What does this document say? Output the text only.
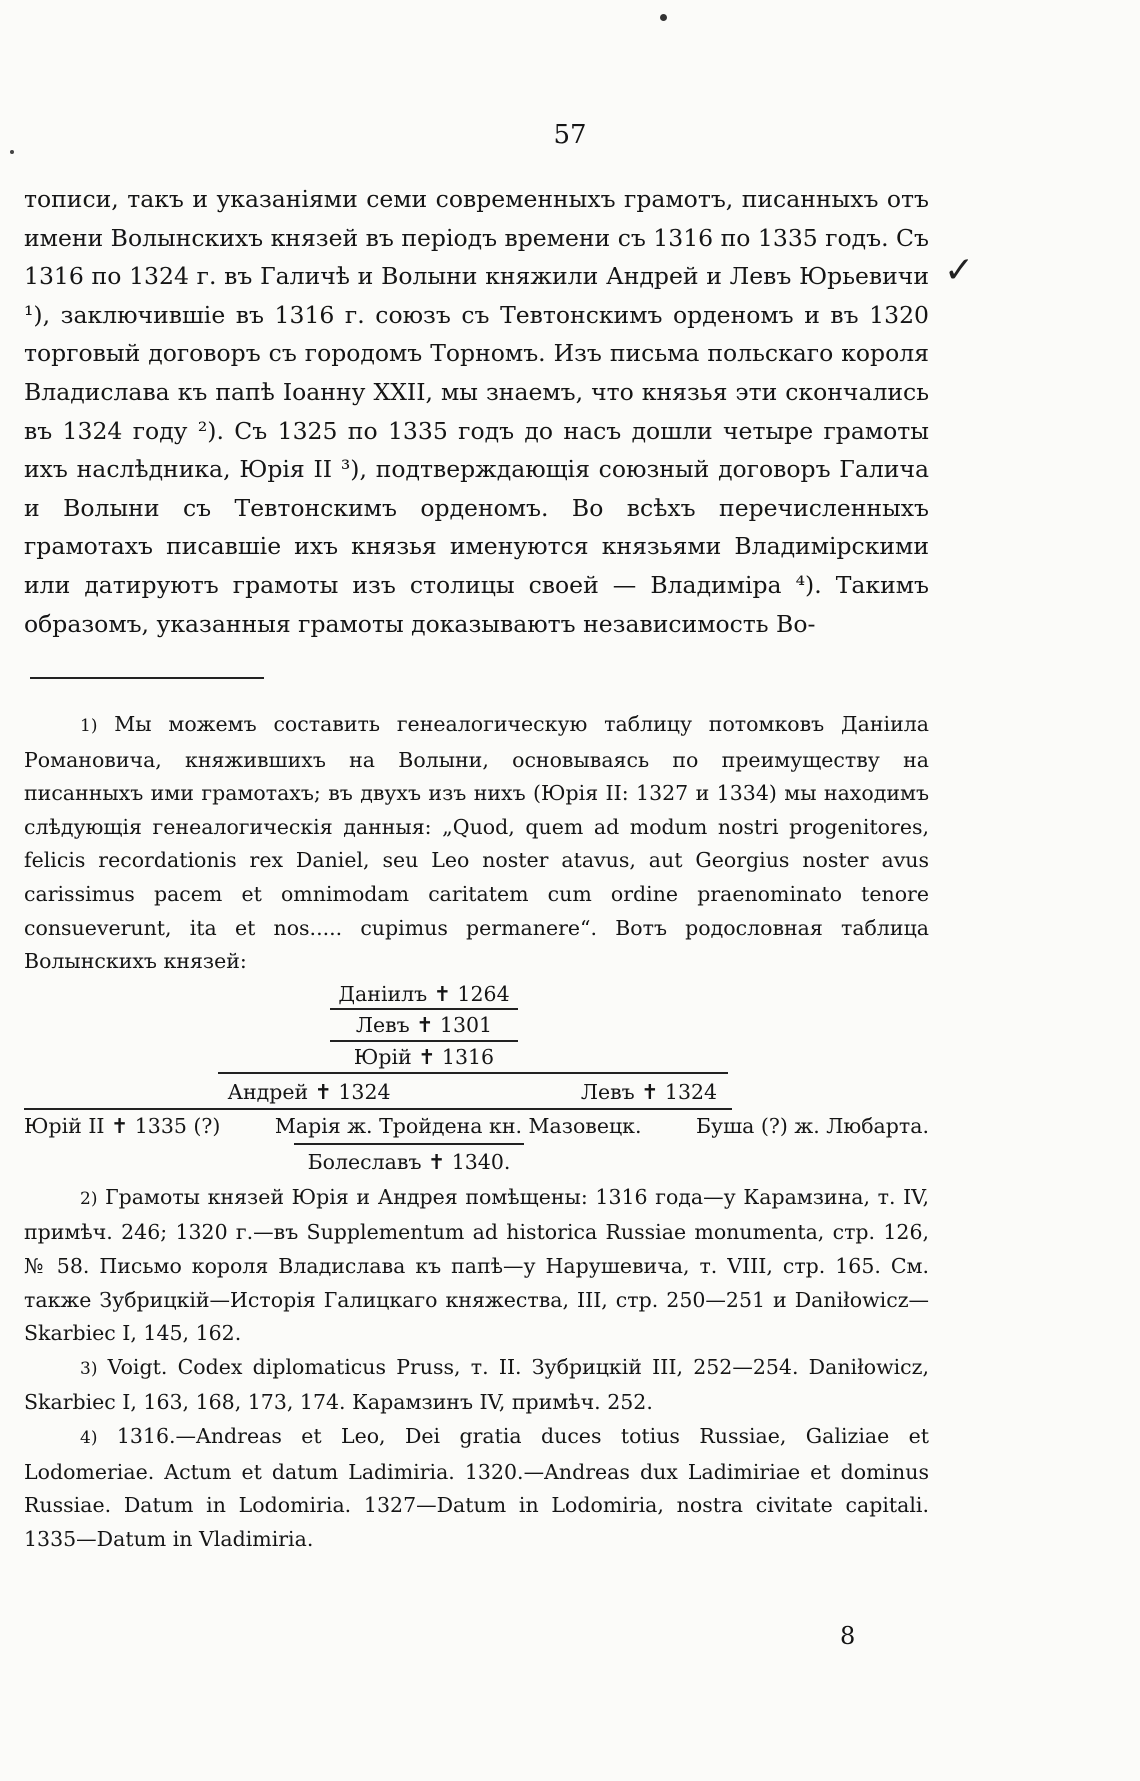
57

тописи, такъ и указаніями семи современныхъ грамотъ, писанныхъ отъ имени Волынскихъ князей въ періодъ времени съ 1316 по 1335 годъ. Съ 1316 по 1324 г. въ Галичѣ и Волыни княжили Андрей и Левъ Юрьевичи ¹), заключившіе въ 1316 г. союзъ съ Тевтонскимъ орденомъ и въ 1320 торговый договоръ съ городомъ Торномъ. Изъ письма польскаго короля Владислава къ папѣ Іоанну XXII, мы знаемъ, что князья эти скончались въ 1324 году ²). Съ 1325 по 1335 годъ до насъ дошли четыре грамоты ихъ наслѣдника, Юрія II ³), подтверждающія союзный договоръ Галича и Волыни съ Тевтонскимъ орденомъ. Во всѣхъ перечисленныхъ грамотахъ писавшіе ихъ князья именуются князьями Владимірскими или датируютъ грамоты изъ столицы своей — Владиміра ⁴). Такимъ образомъ, указанныя грамоты доказываютъ независимость Во-

✓

1) Мы можемъ составить генеалогическую таблицу потомковъ Даніила Романовича, княжившихъ на Волыни, основываясь по преимуществу на писанныхъ ими грамотахъ; въ двухъ изъ нихъ (Юрія II: 1327 и 1334) мы находимъ слѣдующія генеалогическія данныя: „Quod, quem ad modum nostri progenitores, felicis recordationis rex Daniel, seu Leo noster atavus, aut Georgius noster avus carissimus pacem et omnimodam caritatem cum ordine praenominato tenore consueverunt, ita et nos..... cupimus permanere“. Вотъ родословная таблица Волынскихъ князей:

Даніилъ ✝ 1264
Левъ ✝ 1301
Юрій ✝ 1316
Андрей ✝ 1324	Левъ ✝ 1324
Юрій II ✝ 1335 (?)	Марія ж. Тройдена кн. Мазовецк.	Буша (?) ж. Любарта.
Болеславъ ✝ 1340.

2) Грамоты князей Юрія и Андрея помѣщены: 1316 года—у Карамзина, т. IV, примѣч. 246; 1320 г.—въ Supplementum ad historica Russiae monumenta, стр. 126, № 58. Письмо короля Владислава къ папѣ—у Нарушевича, т. VIII, стр. 165. См. также Зубрицкій—Исторія Галицкаго княжества, III, стр. 250—251 и Daniłowicz—Skarbiec I, 145, 162.

3) Voigt. Codex diplomaticus Pruss, т. II. Зубрицкій III, 252—254. Daniłowicz, Skarbiec I, 163, 168, 173, 174. Карамзинъ IV, примѣч. 252.

4) 1316.—Andreas et Leo, Dei gratia duces totius Russiae, Galiziae et Lodomeriae. Actum et datum Ladimiria. 1320.—Andreas dux Ladimiriae et dominus Russiae. Datum in Lodomiria. 1327—Datum in Lodomiria, nostra civitate capitali. 1335—Datum in Vladimiria.

8
